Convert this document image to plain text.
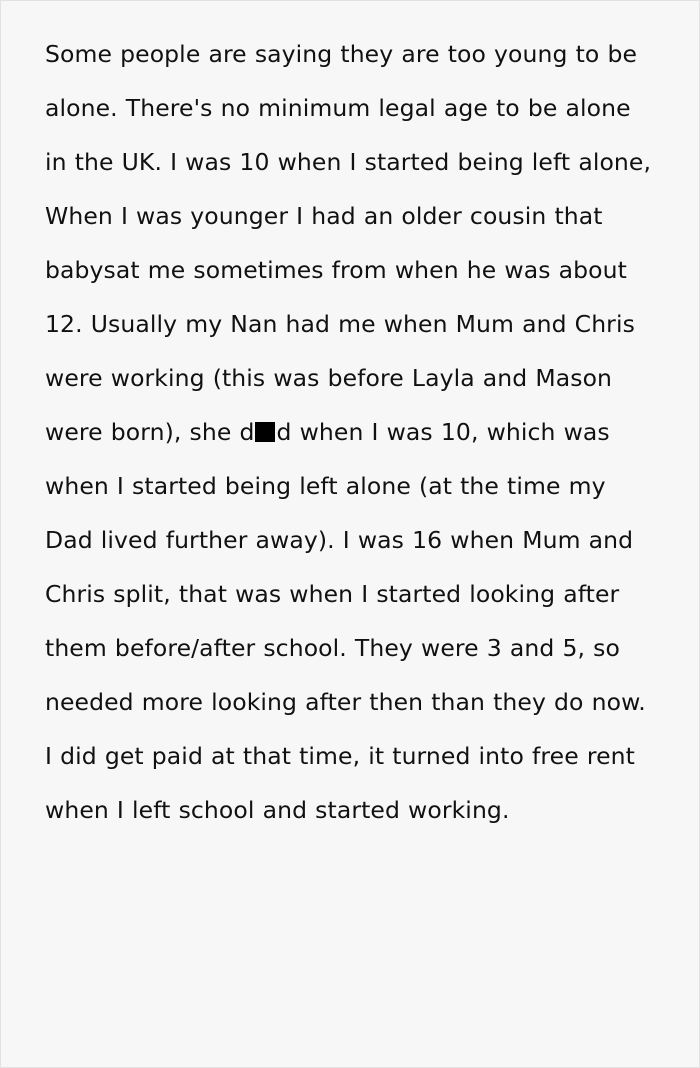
Some people are saying they are too young to be alone. There's no minimum legal age to be alone in the UK. I was 10 when I started being left alone, When I was younger I had an older cousin that babysat me sometimes from when he was about 12. Usually my Nan had me when Mum and Chris were working (this was before Layla and Mason were born), she d d when I was 10, which was when I started being left alone (at the time my Dad lived further away). I was 16 when Mum and Chris split, that was when I started looking after them before/after school. They were 3 and 5, so needed more looking after then than they do now. I did get paid at that time, it turned into free rent when I left school and started working.
